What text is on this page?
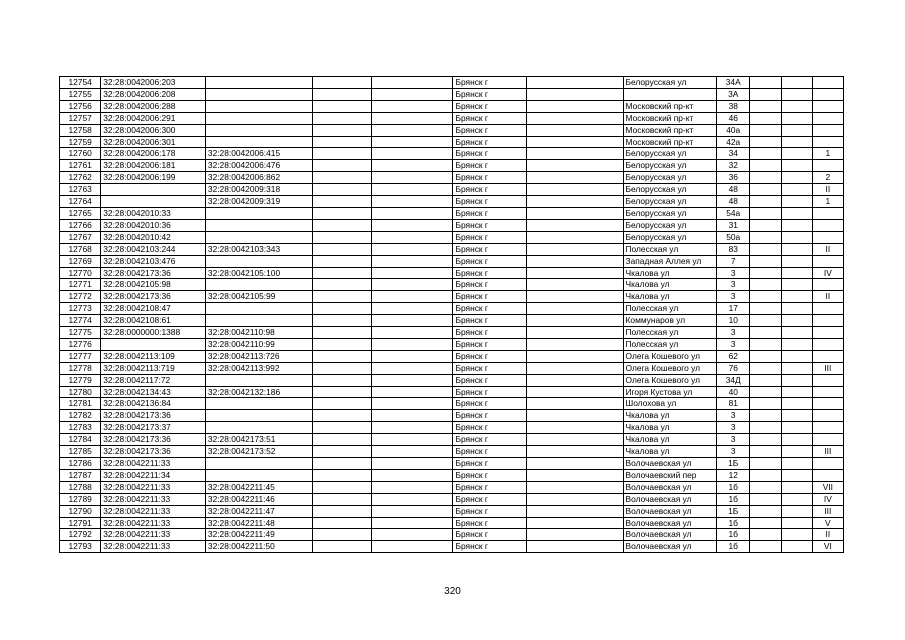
12754	32:28:0042006:203				Брянск г		Белорусская ул	34А			
12755	32:28:0042006:208				Брянск г			3А			
12756	32:28:0042006:288				Брянск г		Московский пр-кт	38			
12757	32:28:0042006:291				Брянск г		Московский пр-кт	46			
12758	32:28:0042006:300				Брянск г		Московский пр-кт	40а			
12759	32:28:0042006:301				Брянск г		Московский пр-кт	42а			
12760	32:28:0042006:178	32:28:0042006:415			Брянск г		Белорусская ул	34			1
12761	32:28:0042006:181	32:28:0042006:476			Брянск г		Белорусская ул	32			
12762	32:28:0042006:199	32:28:0042006:862			Брянск г		Белорусская ул	36			2
12763		32:28:0042009:318			Брянск г		Белорусская ул	48			II
12764		32:28:0042009:319			Брянск г		Белорусская ул	48			1
12765	32:28:0042010:33				Брянск г		Белорусская ул	54а			
12766	32:28:0042010:36				Брянск г		Белорусская ул	31			
12767	32:28:0042010:42				Брянск г		Белорусская ул	50а			
12768	32:28:0042103:244	32:28:0042103:343			Брянск г		Полесская ул	83			II
12769	32:28:0042103:476				Брянск г		Западная Аллея ул	7			
12770	32:28:0042173:36	32:28:0042105:100			Брянск г		Чкалова ул	3			IV
12771	32:28:0042105:98				Брянск г		Чкалова ул	3			
12772	32:28:0042173:36	32:28:0042105:99			Брянск г		Чкалова ул	3			II
12773	32:28:0042108:47				Брянск г		Полесская ул	17			
12774	32:28:0042108:61				Брянск г		Коммунаров ул	10			
12775	32:28:0000000:1388	32:28:0042110:98			Брянск г		Полесская ул	3			
12776		32:28:0042110:99			Брянск г		Полесская ул	3			
12777	32:28:0042113:109	32:28:0042113:726			Брянск г		Олега Кошевого ул	62			
12778	32:28:0042113:719	32:28:0042113:992			Брянск г		Олега Кошевого ул	76			III
12779	32:28:0042117:72				Брянск г		Олега Кошевого ул	34Д			
12780	32:28:0042134:43	32:28:0042132:186			Брянск г		Игоря Кустова ул	40			
12781	32:28:0042136:84				Брянск г		Шолохова ул	81			
12782	32:28:0042173:36				Брянск г		Чкалова ул	3			
12783	32:28:0042173:37				Брянск г		Чкалова ул	3			
12784	32:28:0042173:36	32:28:0042173:51			Брянск г		Чкалова ул	3			
12785	32:28:0042173:36	32:28:0042173:52			Брянск г		Чкалова ул	3			III
12786	32:28:0042211:33				Брянск г		Волочаевская ул	1Б			
12787	32:28:0042211:34				Брянск г		Волочаевский пер	12			
12788	32:28:0042211:33	32:28:0042211:45			Брянск г		Волочаевская ул	1б			VII
12789	32:28:0042211:33	32:28:0042211:46			Брянск г		Волочаевская ул	1б			IV
12790	32:28:0042211:33	32:28:0042211:47			Брянск г		Волочаевская ул	1Б			III
12791	32:28:0042211:33	32:28:0042211:48			Брянск г		Волочаевская ул	1б			V
12792	32:28:0042211:33	32:28:0042211:49			Брянск г		Волочаевская ул	1б			II
12793	32:28:0042211:33	32:28:0042211:50			Брянск г		Волочаевская ул	1б			VI
320
